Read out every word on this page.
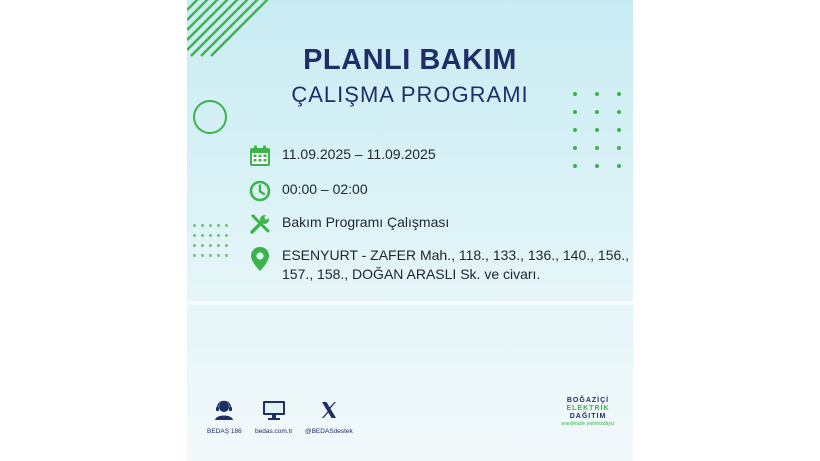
PLANLI BAKIM
ÇALIŞMA PROGRAMI
11.09.2025 – 11.09.2025
00:00 – 02:00
Bakım Programı Çalışması
ESENYURT - ZAFER Mah., 118., 133., 136., 140., 156.,
157., 158., DOĞAN ARASLI Sk. ve civarı.
BEDAŞ 186 bedas.com.tr @BEDASdestek
BOĞAZİÇİ
ELEKTRİK
DAĞITIM
enerjimizle yanınızdayız
